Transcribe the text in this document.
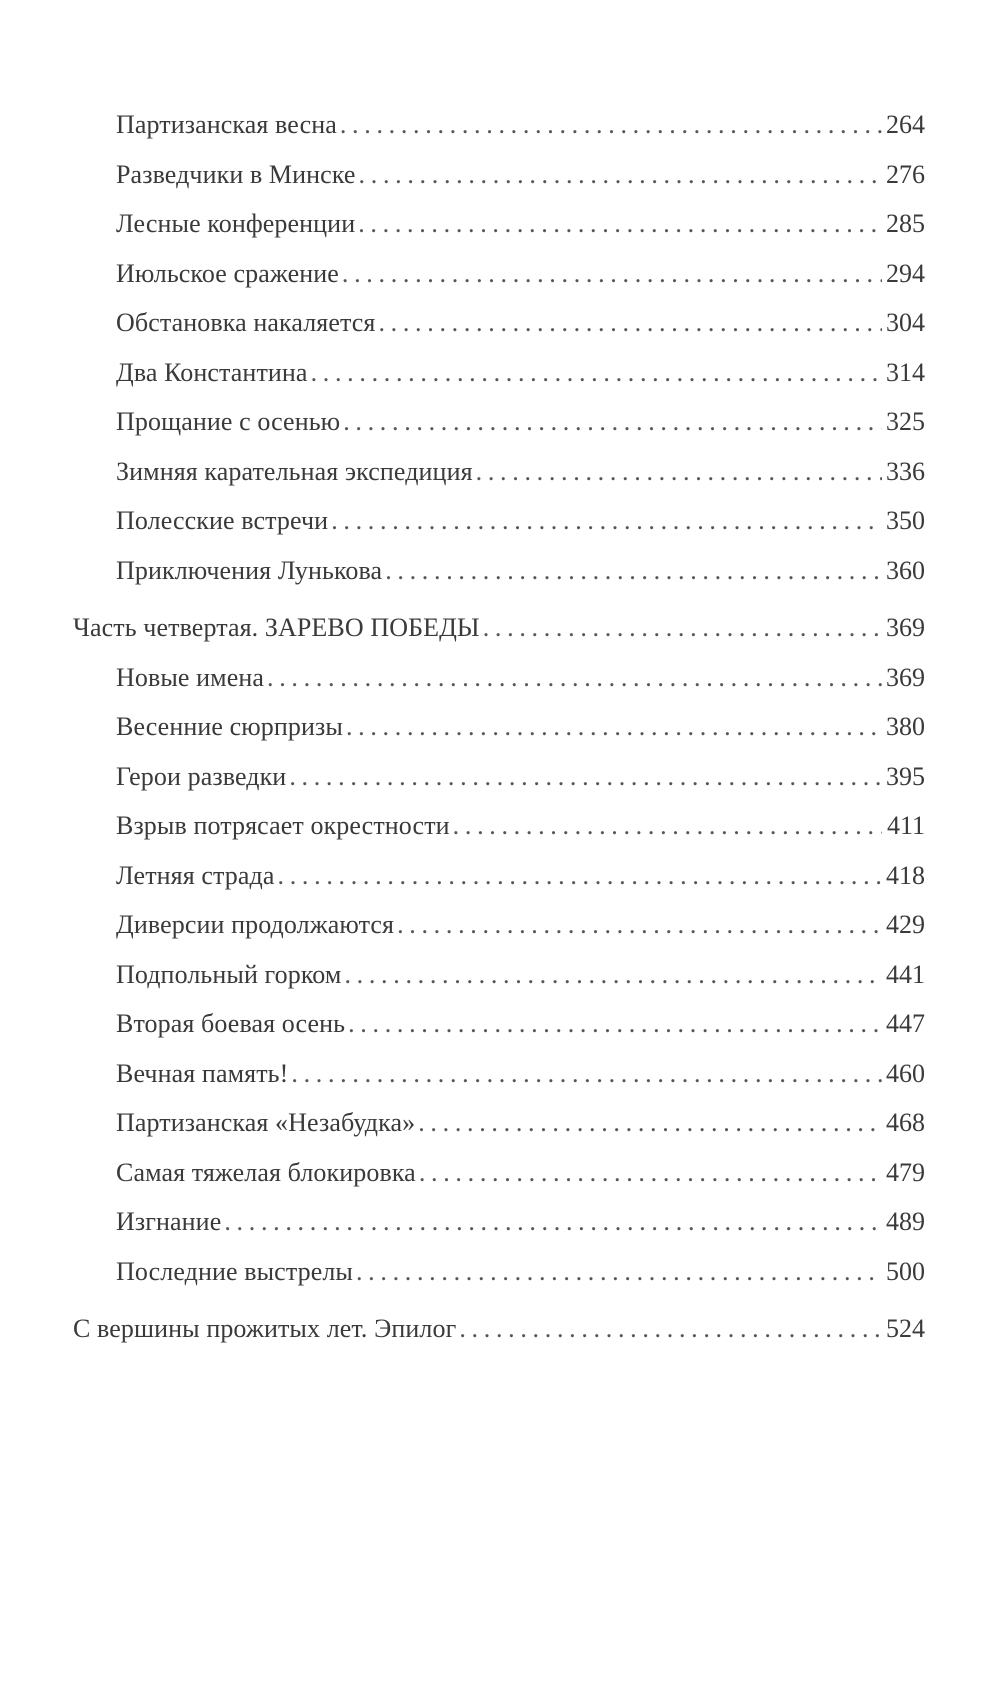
Партизанская весна . . .	264
Разведчики в Минске . . .	276
Лесные конференции . . .	285
Июльское сражение . . .	294
Обстановка накаляется . . .	304
Два Константина . . .	314
Прощание с осенью . . .	325
Зимняя карательная экспедиция . . .	336
Полесские встречи . . .	350
Приключения Лунькова . . .	360
Часть четвертая. ЗАРЕВО ПОБЕДЫ . . .	369
Новые имена . . .	369
Весенние сюрпризы . . .	380
Герои разведки . . .	395
Взрыв потрясает окрестности . . .	411
Летняя страда . . .	418
Диверсии продолжаются . . .	429
Подпольный горком . . .	441
Вторая боевая осень . . .	447
Вечная память! . . .	460
Партизанская «Незабудка» . . .	468
Самая тяжелая блокировка . . .	479
Изгнание . . .	489
Последние выстрелы . . .	500
С вершины прожитых лет. Эпилог . . .	524
